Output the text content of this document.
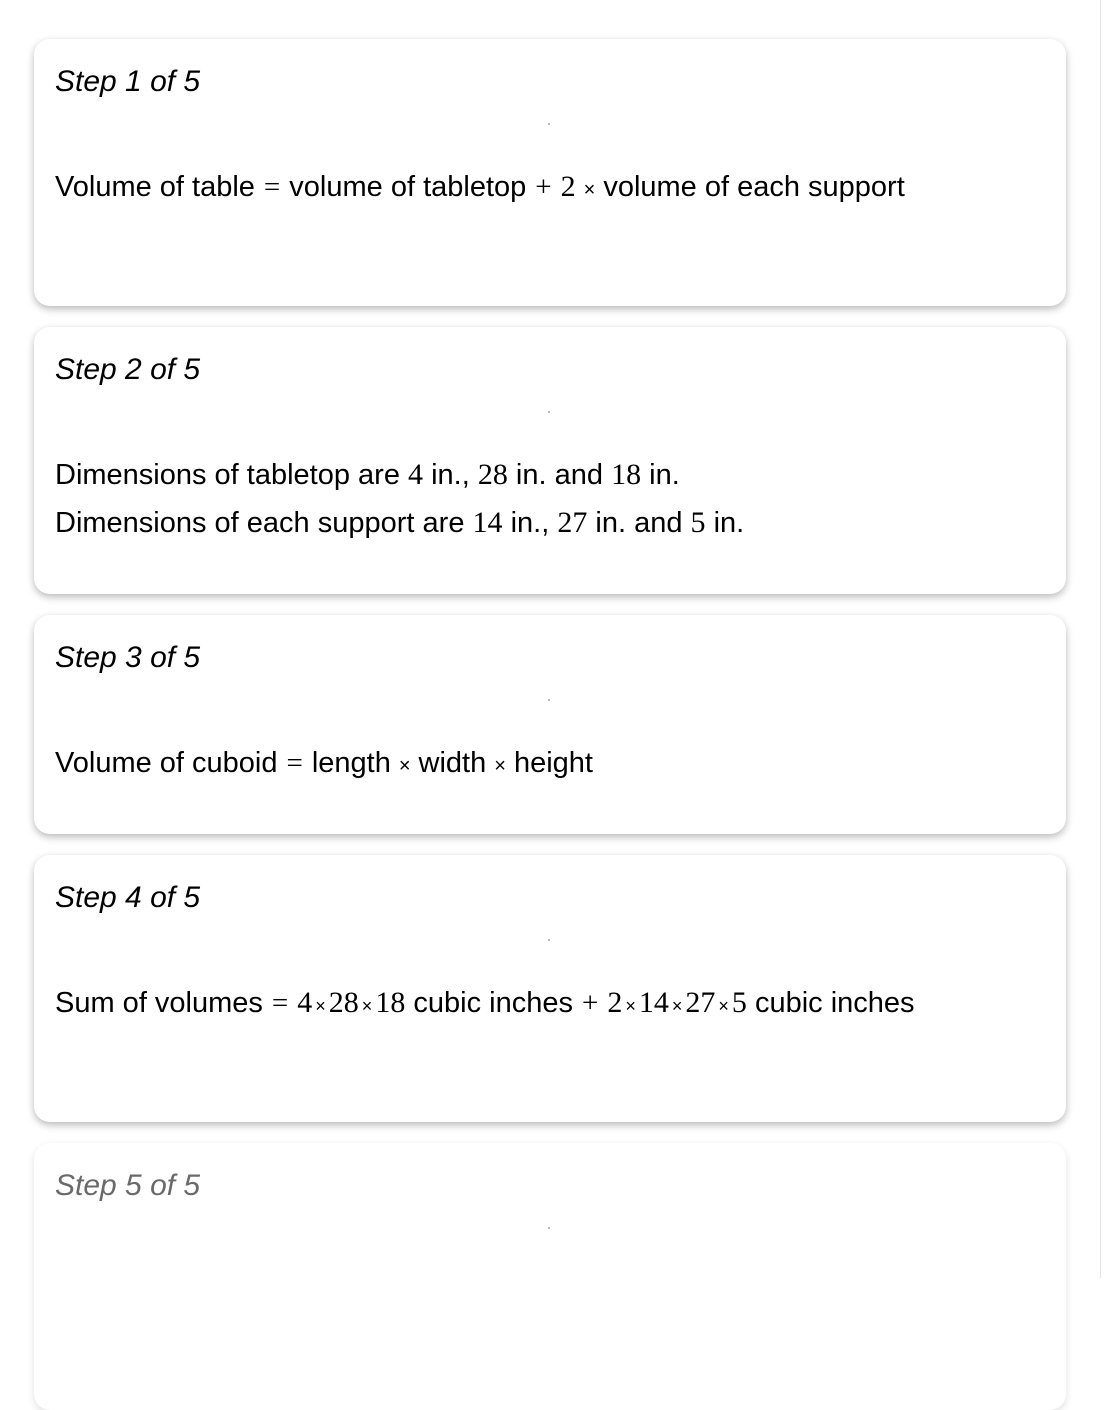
Step 1 of 5
Volume of table = volume of tabletop + 2 × volume of each support
Step 2 of 5
Dimensions of tabletop are 4 in., 28 in. and 18 in.
Dimensions of each support are 14 in., 27 in. and 5 in.
Step 3 of 5
Volume of cuboid = length × width × height
Step 4 of 5
Sum of volumes = 4 × 28 × 18 cubic inches + 2 × 14 × 27 × 5 cubic inches
Step 5 of 5
